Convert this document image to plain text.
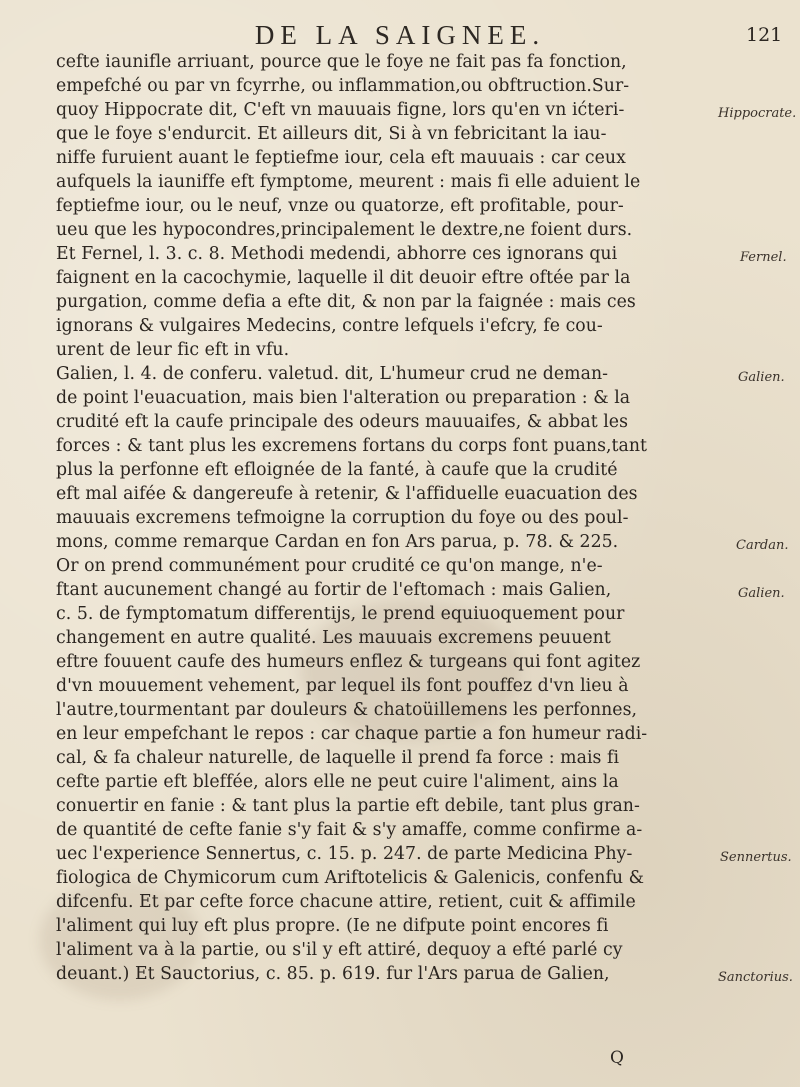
DE LA SAIGNEE.	121
cefte iaunifle arriuant, pource que le foye ne fait pas fa fonction,
empefché ou par vn fcyrrhe, ou inflammation,ou obftruction.Sur-
quoy Hippocrate dit, C'eft vn mauuais figne, lors qu'en vn ićteri-
que le foye s'endurcit. Et ailleurs dit, Si à vn febricitant la iau-
niffe furuient auant le feptiefme iour, cela eft mauuais : car ceux
aufquels la iauniffe eft fymptome, meurent : mais fi elle aduient le
feptiefme iour, ou le neuf, vnze ou quatorze, eft profitable, pour-
ueu que les hypocondres,principalement le dextre,ne foient durs.
Et Fernel, l. 3. c. 8. Methodi medendi, abhorre ces ignorans qui
faignent en la cacochymie, laquelle il dit deuoir eftre oftée par la
purgation, comme defia a efte dit, & non par la faignée : mais ces
ignorans & vulgaires Medecins, contre lefquels i'efcry, fe cou-
urent de leur fic eft in vfu.
Galien, l. 4. de conferu. valetud. dit, L'humeur crud ne deman-
de point l'euacuation, mais bien l'alteration ou preparation : & la
crudité eft la caufe principale des odeurs mauuaifes, & abbat les
forces : & tant plus les excremens fortans du corps font puans,tant
plus la perfonne eft efloignée de la fanté, à caufe que la crudité
eft mal aifée & dangereufe à retenir, & l'affiduelle euacuation des
mauuais excremens tefmoigne la corruption du foye ou des poul-
mons, comme remarque Cardan en fon Ars parua, p. 78. & 225.
Or on prend communément pour crudité ce qu'on mange, n'e-
ftant aucunement changé au fortir de l'eftomach : mais Galien,
c. 5. de fymptomatum differentijs, le prend equiuoquement pour
changement en autre qualité. Les mauuais excremens peuuent
eftre fouuent caufe des humeurs enflez & turgeans qui font agitez
d'vn mouuement vehement, par lequel ils font pouffez d'vn lieu à
l'autre,tourmentant par douleurs & chatoüillemens les perfonnes,
en leur empefchant le repos : car chaque partie a fon humeur radi-
cal, & fa chaleur naturelle, de laquelle il prend fa force : mais fi
cefte partie eft bleffée, alors elle ne peut cuire l'aliment, ains la
conuertir en fanie : & tant plus la partie eft debile, tant plus gran-
de quantité de cefte fanie s'y fait & s'y amaffe, comme confirme a-
uec l'experience Sennertus, c. 15. p. 247. de parte Medicina Phy-
fiologica de Chymicorum cum Ariftotelicis & Galenicis, confenfu &
difcenfu. Et par cefte force chacune attire, retient, cuit & affimile
l'aliment qui luy eft plus propre. (Ie ne difpute point encores fi
l'aliment va à la partie, ou s'il y eft attiré, dequoy a efté parlé cy
deuant.) Et Sauctorius, c. 85. p. 619. fur l'Ars parua de Galien,
Hippocrate.
Fernel.
Galien.
Cardan.
Galien.
Sennertus.
Sanctorius.
Q
